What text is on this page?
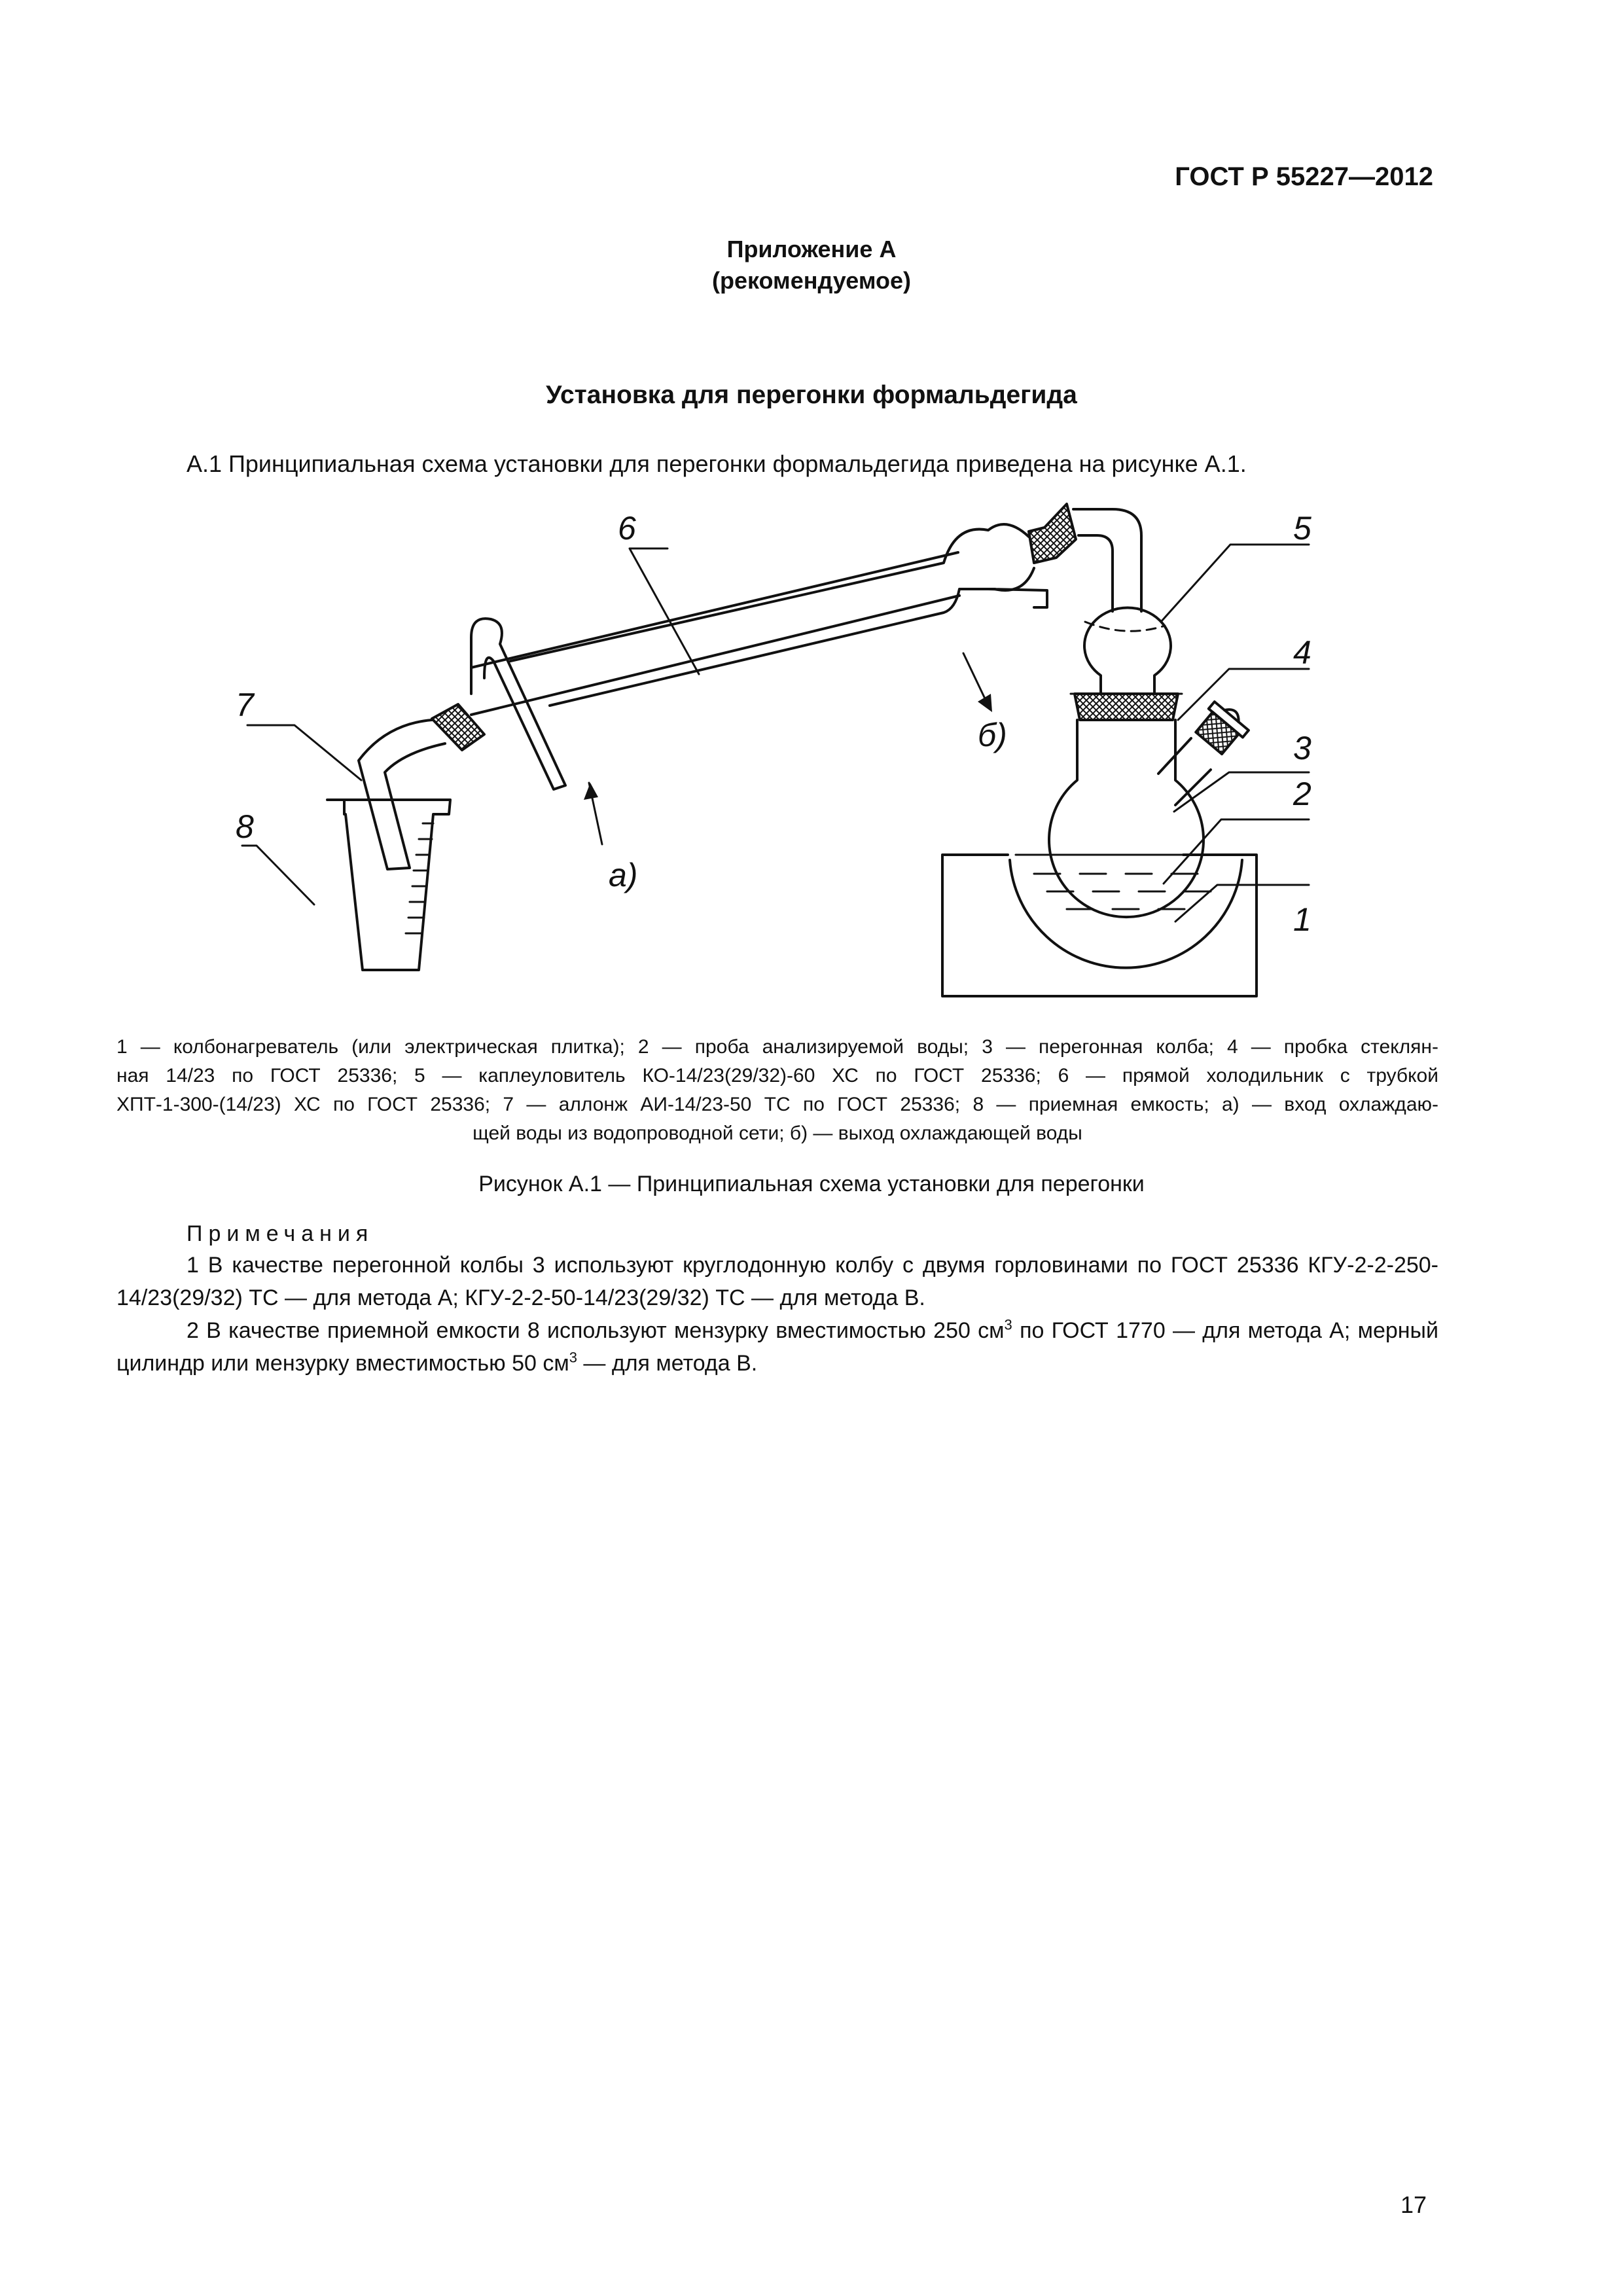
ГОСТ Р 55227—2012
Приложение А
(рекомендуемое)
Установка для перегонки формальдегида
А.1 Принципиальная схема установки для перегонки формальдегида приведена на рисунке А.1.
1
2
3
4
5
6
7
8
а)
б)
1 — колбонагреватель (или электрическая плитка); 2 — проба анализируемой воды; 3 — перегонная колба; 4 — пробка стеклян-
ная 14/23 по ГОСТ 25336; 5 — каплеуловитель КО-14/23(29/32)-60 ХС по ГОСТ 25336; 6 — прямой холодильник с трубкой
ХПТ-1-300-(14/23) ХС по ГОСТ 25336; 7 — аллонж АИ-14/23-50 ТС по ГОСТ 25336; 8 — приемная емкость; а) — вход охлаждаю-
щей воды из водопроводной сети; б) — выход охлаждающей воды
Рисунок А.1 — Принципиальная схема установки для перегонки
Примечания
1 В качестве перегонной колбы 3 используют круглодонную колбу с двумя горловинами по ГОСТ 25336 КГУ-2-2-250-14/23(29/32) ТС — для метода А; КГУ-2-2-50-14/23(29/32) ТС — для метода В.
2 В качестве приемной емкости 8 используют мензурку вместимостью 250 $см^3$ по ГОСТ 1770 — для метода А; мерный цилиндр или мензурку вместимостью 50 $см^3$ — для метода В.
17
